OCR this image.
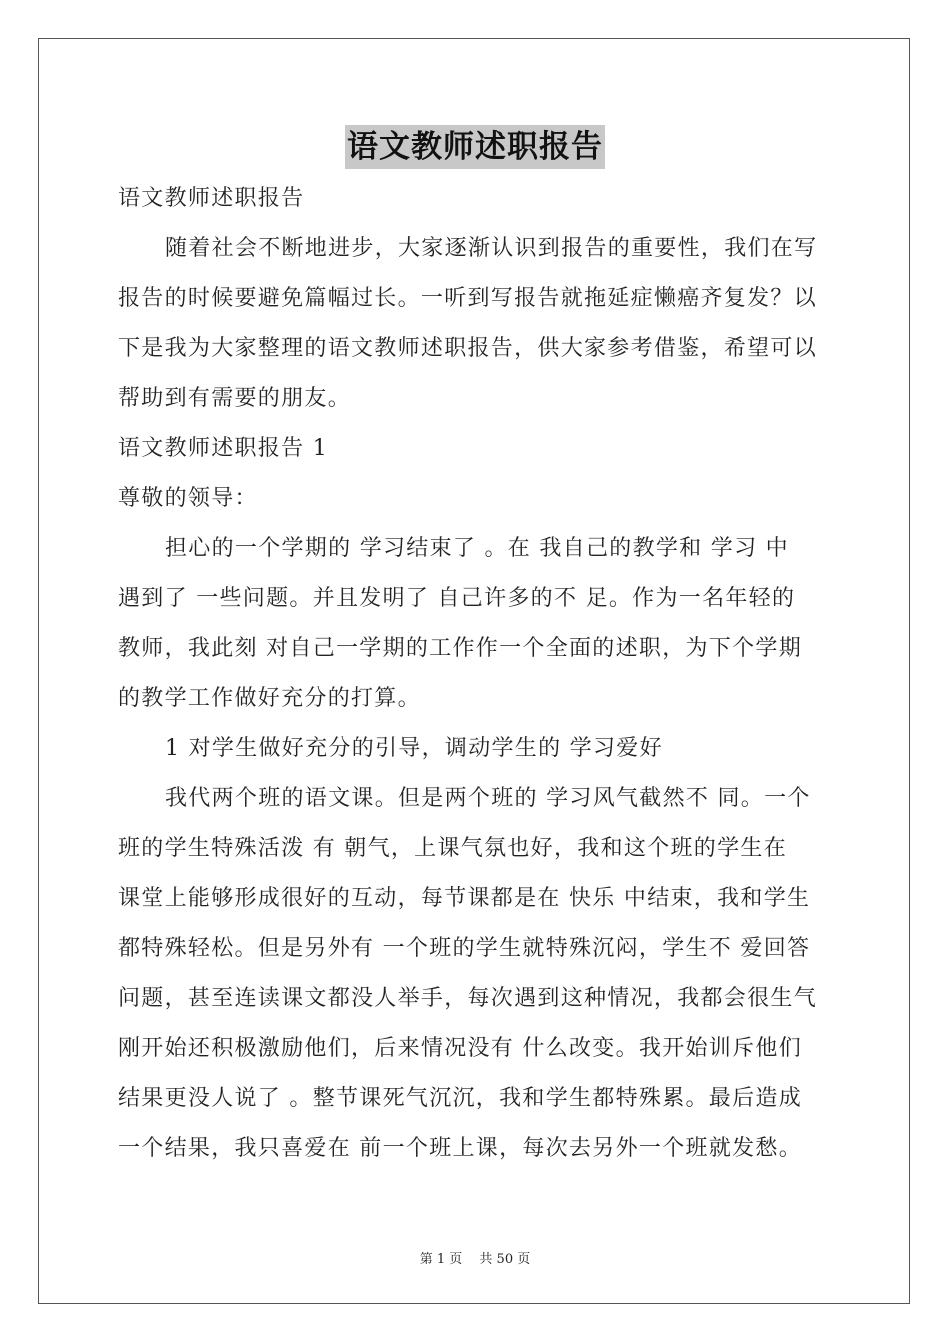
语文教师述职报告
语文教师述职报告
随着社会不断地进步，大家逐渐认识到报告的重要性，我们在写
报告的时候要避免篇幅过长。一听到写报告就拖延症懒癌齐复发？以
下是我为大家整理的语文教师述职报告，供大家参考借鉴，希望可以
帮助到有需要的朋友。
语文教师述职报告 1
尊敬的领导：
担心的一个学期的 学习结束了 。在 我自己的教学和 学习 中
遇到了 一些问题。并且发明了 自己许多的不 足。作为一名年轻的
教师，我此刻 对自己一学期的工作作一个全面的述职，为下个学期
的教学工作做好充分的打算。
1 对学生做好充分的引导，调动学生的 学习爱好
我代两个班的语文课。但是两个班的 学习风气截然不 同。一个
班的学生特殊活泼 有 朝气，上课气氛也好，我和这个班的学生在
课堂上能够形成很好的互动，每节课都是在 快乐 中结束，我和学生
都特殊轻松。但是另外有 一个班的学生就特殊沉闷，学生不 爱回答
问题，甚至连读课文都没人举手，每次遇到这种情况，我都会很生气
刚开始还积极激励他们，后来情况没有 什么改变。我开始训斥他们
结果更没人说了 。整节课死气沉沉，我和学生都特殊累。最后造成
一个结果，我只喜爱在 前一个班上课，每次去另外一个班就发愁。
第 1 页　 共 50 页
